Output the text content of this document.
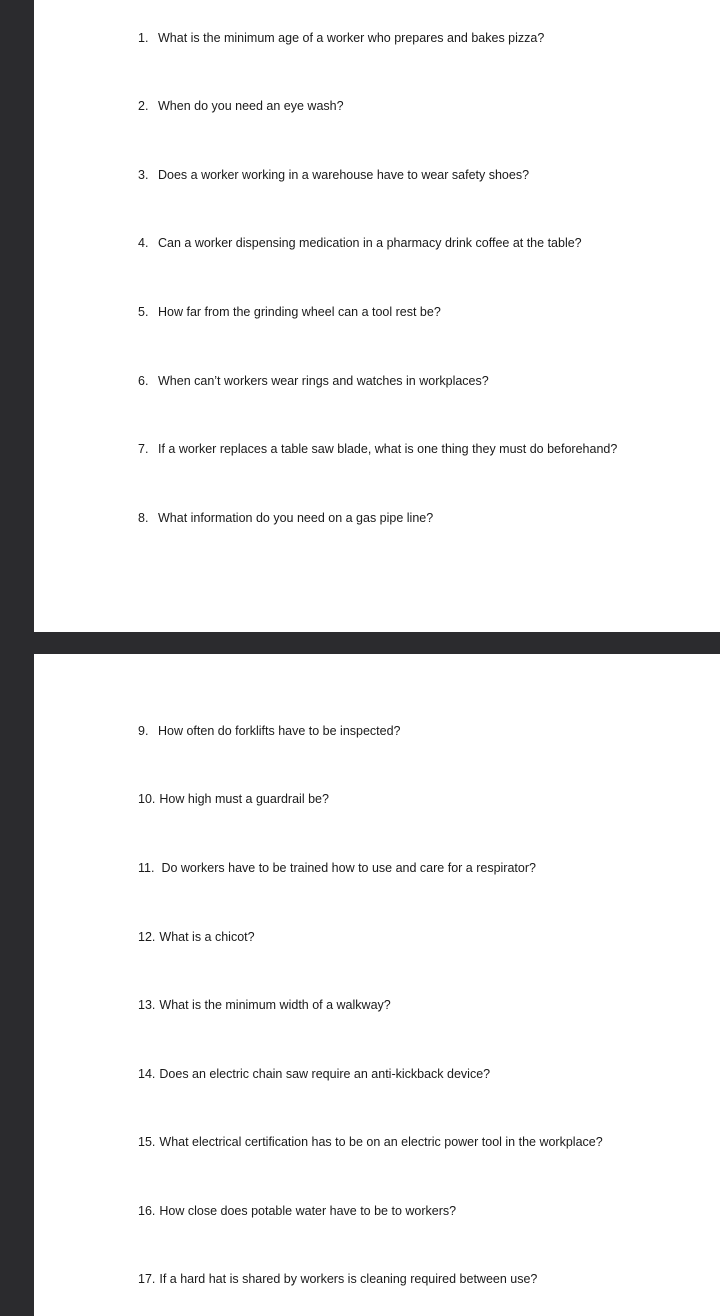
1. What is the minimum age of a worker who prepares and bakes pizza?
2. When do you need an eye wash?
3. Does a worker working in a warehouse have to wear safety shoes?
4. Can a worker dispensing medication in a pharmacy drink coffee at the table?
5. How far from the grinding wheel can a tool rest be?
6. When can’t workers wear rings and watches in workplaces?
7. If a worker replaces a table saw blade, what is one thing they must do beforehand?
8. What information do you need on a gas pipe line?
9. How often do forklifts have to be inspected?
10. How high must a guardrail be?
11. Do workers have to be trained how to use and care for a respirator?
12. What is a chicot?
13. What is the minimum width of a walkway?
14. Does an electric chain saw require an anti-kickback device?
15. What electrical certification has to be on an electric power tool in the workplace?
16. How close does potable water have to be to workers?
17. If a hard hat is shared by workers is cleaning required between use?
